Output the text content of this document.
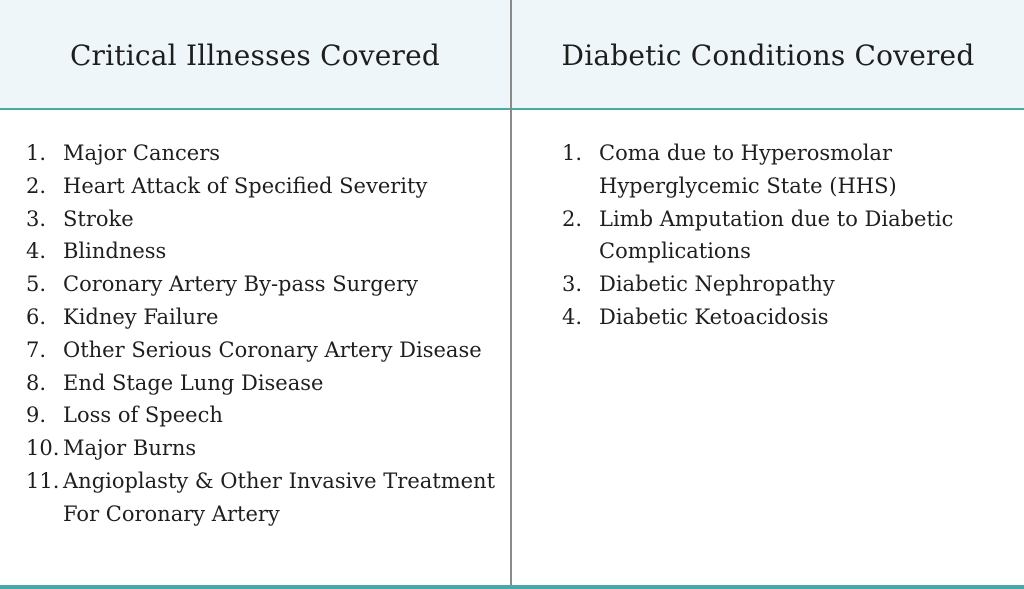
Critical Illnesses Covered	Diabetic Conditions Covered
1. Major Cancers
2. Heart Attack of Specified Severity
3. Stroke
4. Blindness
5. Coronary Artery By-pass Surgery
6. Kidney Failure
7. Other Serious Coronary Artery Disease
8. End Stage Lung Disease
9. Loss of Speech
10. Major Burns
11. Angioplasty & Other Invasive Treatment For Coronary Artery
1. Coma due to Hyperosmolar Hyperglycemic State (HHS)
2. Limb Amputation due to Diabetic Complications
3. Diabetic Nephropathy
4. Diabetic Ketoacidosis
